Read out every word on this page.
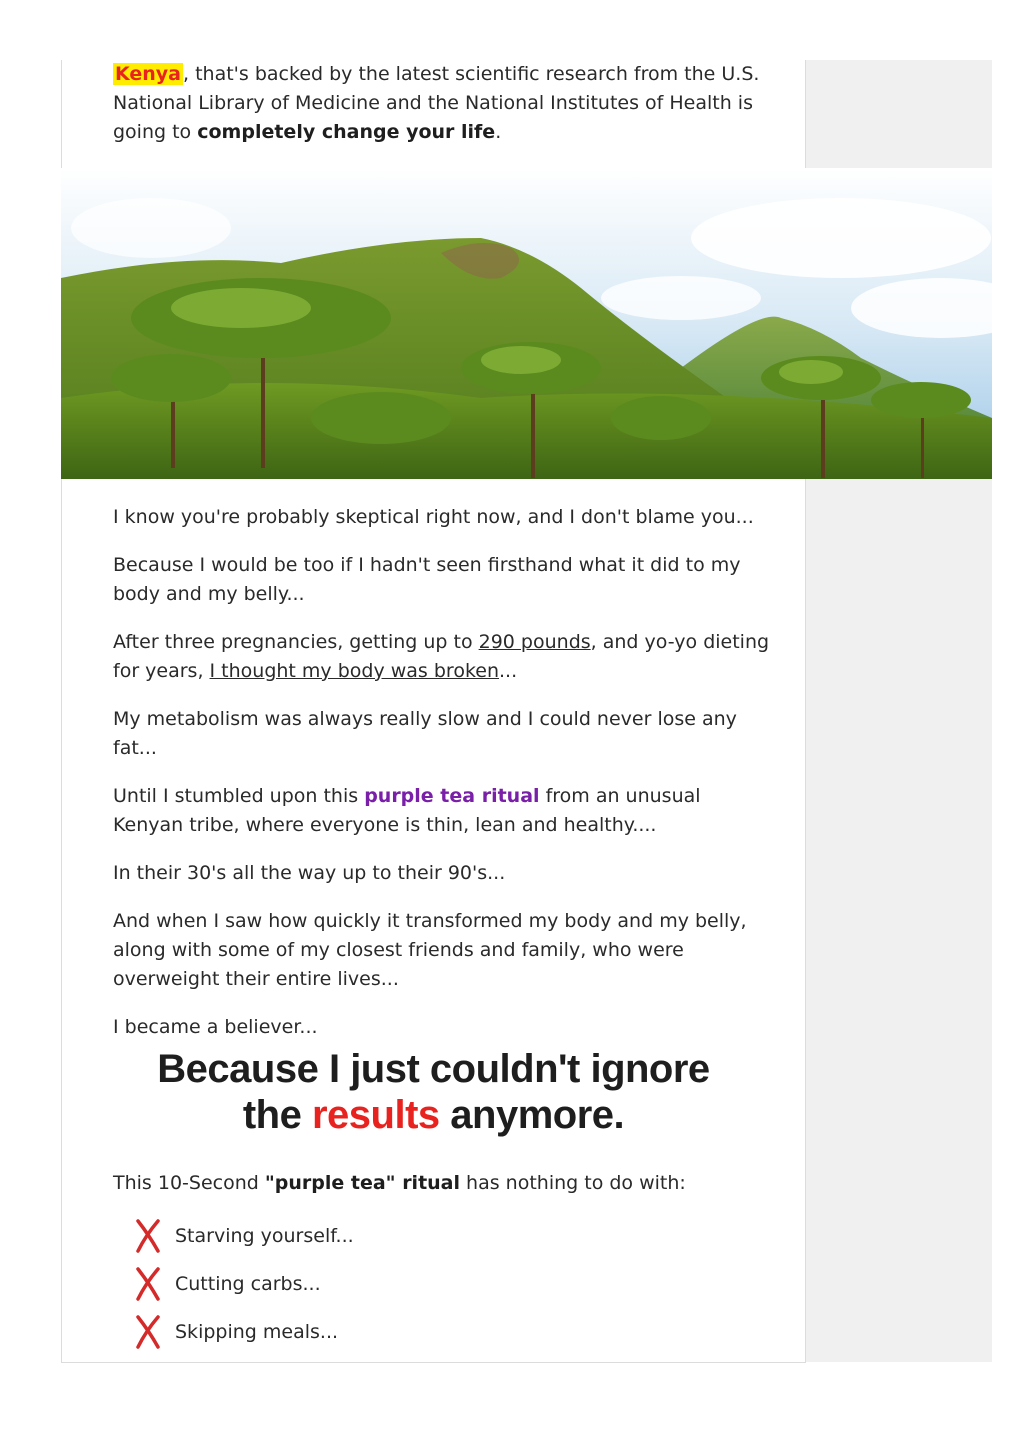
Kenya , that's backed by the latest scientific research from the U.S. National Library of Medicine and the National Institutes of Health is going to completely change your life.

I know you're probably skeptical right now, and I don't blame you...

Because I would be too if I hadn't seen firsthand what it did to my body and my belly...

After three pregnancies, getting up to 290 pounds, and yo-yo dieting for years, I thought my body was broken...

My metabolism was always really slow and I could never lose any fat...

Until I stumbled upon this purple tea ritual from an unusual Kenyan tribe, where everyone is thin, lean and healthy....

In their 30's all the way up to their 90's...

And when I saw how quickly it transformed my body and my belly, along with some of my closest friends and family, who were overweight their entire lives...

I became a believer...

Because I just couldn't ignore
the results anymore.

This 10-Second "purple tea" ritual has nothing to do with:

Starving yourself...
Cutting carbs...
Skipping meals...
